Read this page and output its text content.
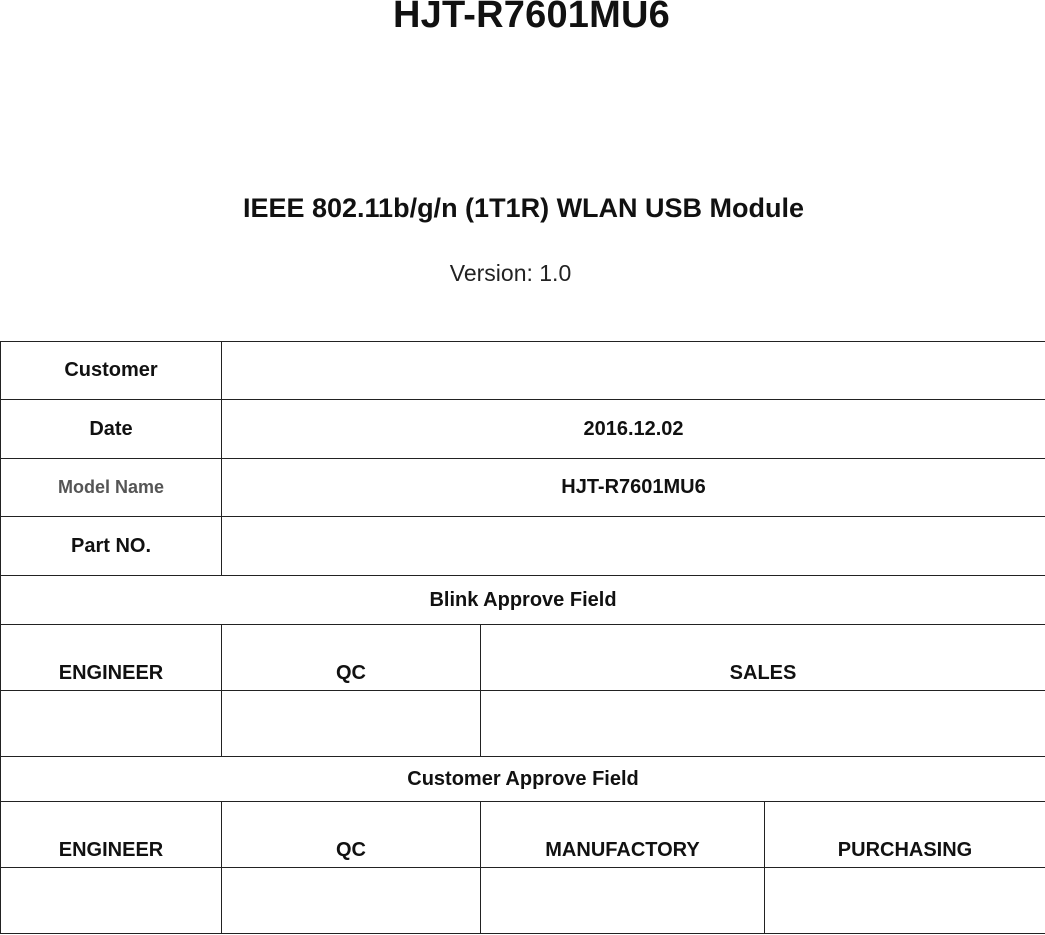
HJT-R7601MU6
IEEE 802.11b/g/n (1T1R) WLAN USB Module

Version: 1.0

Customer			
Date	2016.12.02		
Model Name	HJT-R7601MU6		
Part NO.			
Blink Approve Field			
ENGINEER	QC	SALES	

Customer Approve Field			
ENGINEER	QC	MANUFACTORY	PURCHASING
